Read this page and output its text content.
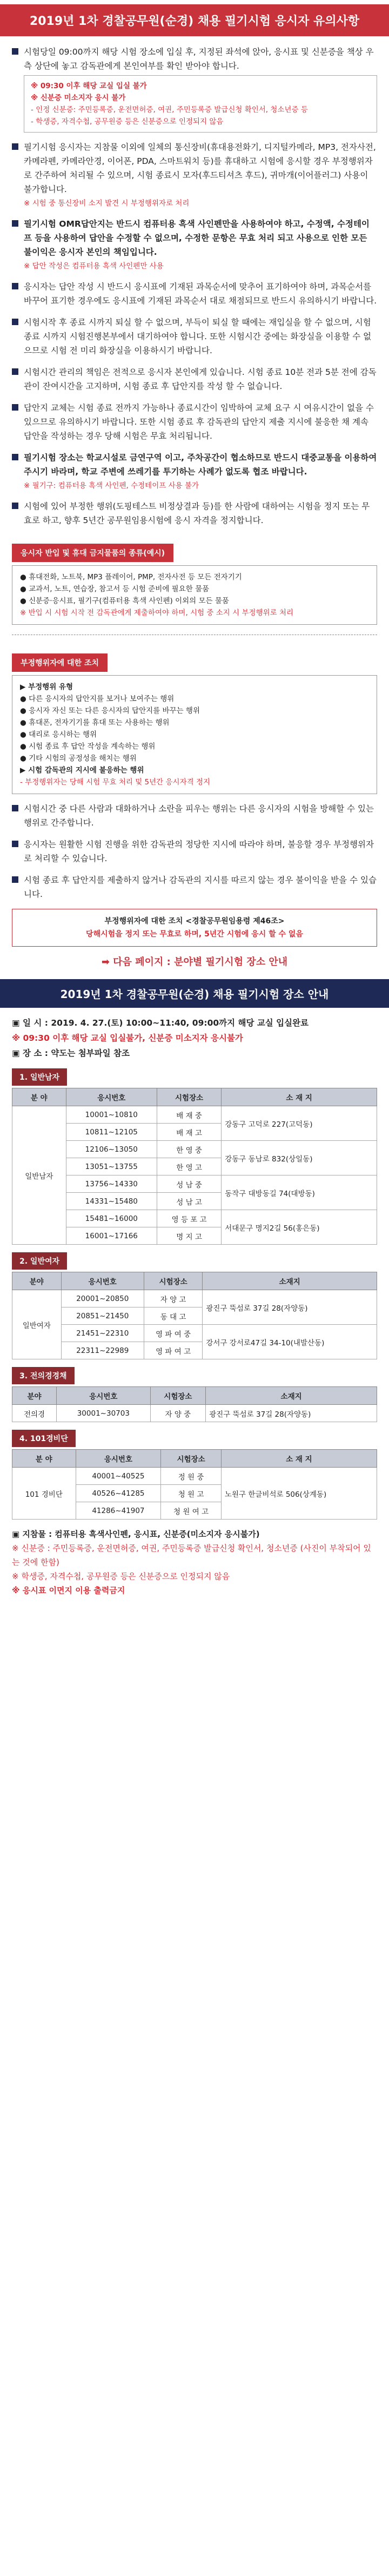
2019년 1차 경찰공무원(순경) 채용 필기시험 응시자 유의사항
시험당일 09:00까지 해당 시험 장소에 입실 후, 지정된 좌석에 앉아, 응시표 및 신분증을 책상 우측 상단에 놓고 감독관에게 본인여부를 확인 받아야 합니다.
※ 09:30 이후 해당 교실 입실 불가
※ 신분증 미소지자 응시 불가
- 인정 신분증: 주민등록증, 운전면허증, 여권, 주민등록증 발급신청 확인서, 청소년증 등
- 학생증, 자격수첩, 공무원증 등은 신분증으로 인정되지 않음
필기시험 응시자는 지참물 이외에 일체의 통신장비(휴대용전화기, 디지털카메라, MP3, 전자사전, 카메라펜, 카메라안경, 이어폰, PDA, 스마트워치 등)를 휴대하고 시험에 응시할 경우 부정행위자로 간주하여 처리될 수 있으며, 시험 종료시 모자(후드티셔츠 후드), 귀마개(이어플러그) 사용이 불가합니다.
※ 시험 중 통신장비 소지 발견 시 부정행위자로 처리
필기시험 OMR답안지는 반드시 컴퓨터용 흑색 사인펜만을 사용하여야 하고, 수정액, 수정테이프 등을 사용하여 답안을 수정할 수 없으며, 수정한 문항은 무효 처리 되고 사용으로 인한 모든 불이익은 응시자 본인의 책임입니다.
※ 답안 작성은 컴퓨터용 흑색 사인펜만 사용
응시자는 답안 작성 시 반드시 응시표에 기재된 과목순서에 맞추어 표기하여야 하며, 과목순서를 바꾸어 표기한 경우에도 응시표에 기재된 과목순서 대로 채점되므로 반드시 유의하시기 바랍니다.
시험시작 후 종료 시까지 퇴실 할 수 없으며, 부득이 퇴실 할 때에는 재입실을 할 수 없으며, 시험 종료 시까지 시험진행본부에서 대기하여야 합니다. 또한 시험시간 중에는 화장실을 이용할 수 없으므로 시험 전 미리 화장실을 이용하시기 바랍니다.
시험시간 관리의 책임은 전적으로 응시자 본인에게 있습니다. 시험 종료 10분 전과 5분 전에 감독관이 잔여시간을 고지하며, 시험 종료 후 답안지를 작성 할 수 없습니다.
답안지 교체는 시험 종료 전까지 가능하나 종료시간이 임박하여 교체 요구 시 여유시간이 없을 수 있으므로 유의하시기 바랍니다. 또한 시험 종료 후 감독관의 답안지 제출 지시에 불응한 채 계속 답안을 작성하는 경우 당해 시험은 무효 처리됩니다.
필기시험 장소는 학교시설로 금연구역 이고, 주차공간이 협소하므로 반드시 대중교통을 이용하여 주시기 바라며, 학교 주변에 쓰레기를 투기하는 사례가 없도록 협조 바랍니다.
※ 필기구: 컴퓨터용 흑색 사인펜, 수정테이프 사용 불가
시험에 있어 부정한 행위(도핑테스트 비정상결과 등)를 한 사람에 대하여는 시험을 정지 또는 무효로 하고, 향후 5년간 공무원임용시험에 응시 자격을 정지합니다.
응시자 반입 및 휴대 금지물품의 종류(예시)
● 휴대전화, 노트북, MP3 플레이어, PMP, 전자사전 등 모든 전자기기
● 교과서, 노트, 연습장, 참고서 등 시험 준비에 필요한 물품
● 신분증·응시표, 필기구(컴퓨터용 흑색 사인펜) 이외의 모든 물품
※ 반입 시 시험 시작 전 감독관에게 제출하여야 하며, 시험 중 소지 시 부정행위로 처리
부정행위자에 대한 조치
▶ 부정행위 유형
● 다른 응시자의 답안지를 보거나 보여주는 행위
● 응시자 자신 또는 다른 응시자의 답안지를 바꾸는 행위
● 휴대폰, 전자기기를 휴대 또는 사용하는 행위
● 대리로 응시하는 행위
● 시험 종료 후 답안 작성을 계속하는 행위
● 기타 시험의 공정성을 해치는 행위
▶ 시험 감독관의 지시에 불응하는 행위
- 부정행위자는 당해 시험 무효 처리 및 5년간 응시자격 정지
시험시간 중 다른 사람과 대화하거나 소란을 피우는 행위는 다른 응시자의 시험을 방해할 수 있는 행위로 간주합니다.
응시자는 원활한 시험 진행을 위한 감독관의 정당한 지시에 따라야 하며, 불응할 경우 부정행위자로 처리할 수 있습니다.
시험 종료 후 답안지를 제출하지 않거나 감독관의 지시를 따르지 않는 경우 불이익을 받을 수 있습니다.
부정행위자에 대한 조치 <경찰공무원임용령 제46조>
당해시험을 정지 또는 무효로 하며, 5년간 시험에 응시 할 수 없음
➡ 다음 페이지 : 분야별 필기시험 장소 안내
2019년 1차 경찰공무원(순경) 채용 필기시험 장소 안내
▣ 일 시 : 2019. 4. 27.(토) 10:00~11:40, 09:00까지 해당 교실 입실완료
※ 09:30 이후 해당 교실 입실불가, 신분증 미소지자 응시불가
▣ 장 소 : 약도는 첨부파일 참조
1. 일반남자
분 야	응시번호	시험장소	소 재 지
일반남자	10001~10810	배 재 중	강동구 고덕로 227(고덕동)
	10811~12105	배 재 고	
	12106~13050	한 영 중	강동구 동남로 832(상일동)
	13051~13755	한 영 고	
	13756~14330	성 남 중	동작구 대방동길 74(대방동)
	14331~15480	성 남 고	
	15481~16000	영 등 포 고	서대문구 명지2길 56(홍은동)
	16001~17166	명 지 고	
2. 일반여자
분야	응시번호	시험장소	소재지
일반여자	20001~20850	자 양 고	광진구 뚝섬로 37길 28(자양동)
	20851~21450	동 대 고	
	21451~22310	영 파 여 중	강서구 강서로47길 34-10(내발산동)
	22311~22989	영 파 여 고	
3. 전의경경채
분야	응시번호	시험장소	소재지
전의경	30001~30703	자 양 중	광진구 뚝섬로 37길 28(자양동)
4. 101경비단
분 야	응시번호	시험장소	소 재 지
101 경비단	40001~40525	정 원 중	노원구 한글비석로 506(상계동)
	40526~41285	청 원 고	
	41286~41907	청 원 여 고	
▣ 지참물 : 컴퓨터용 흑색사인펜, 응시표, 신분증(미소지자 응시불가)
※ 신분증 : 주민등록증, 운전면허증, 여권, 주민등록증 발급신청 확인서, 청소년증 (사진이 부착되어 있는 것에 한함)
※ 학생증, 자격수첩, 공무원증 등은 신분증으로 인정되지 않음
※ 응시표 이면지 이용 출력금지
